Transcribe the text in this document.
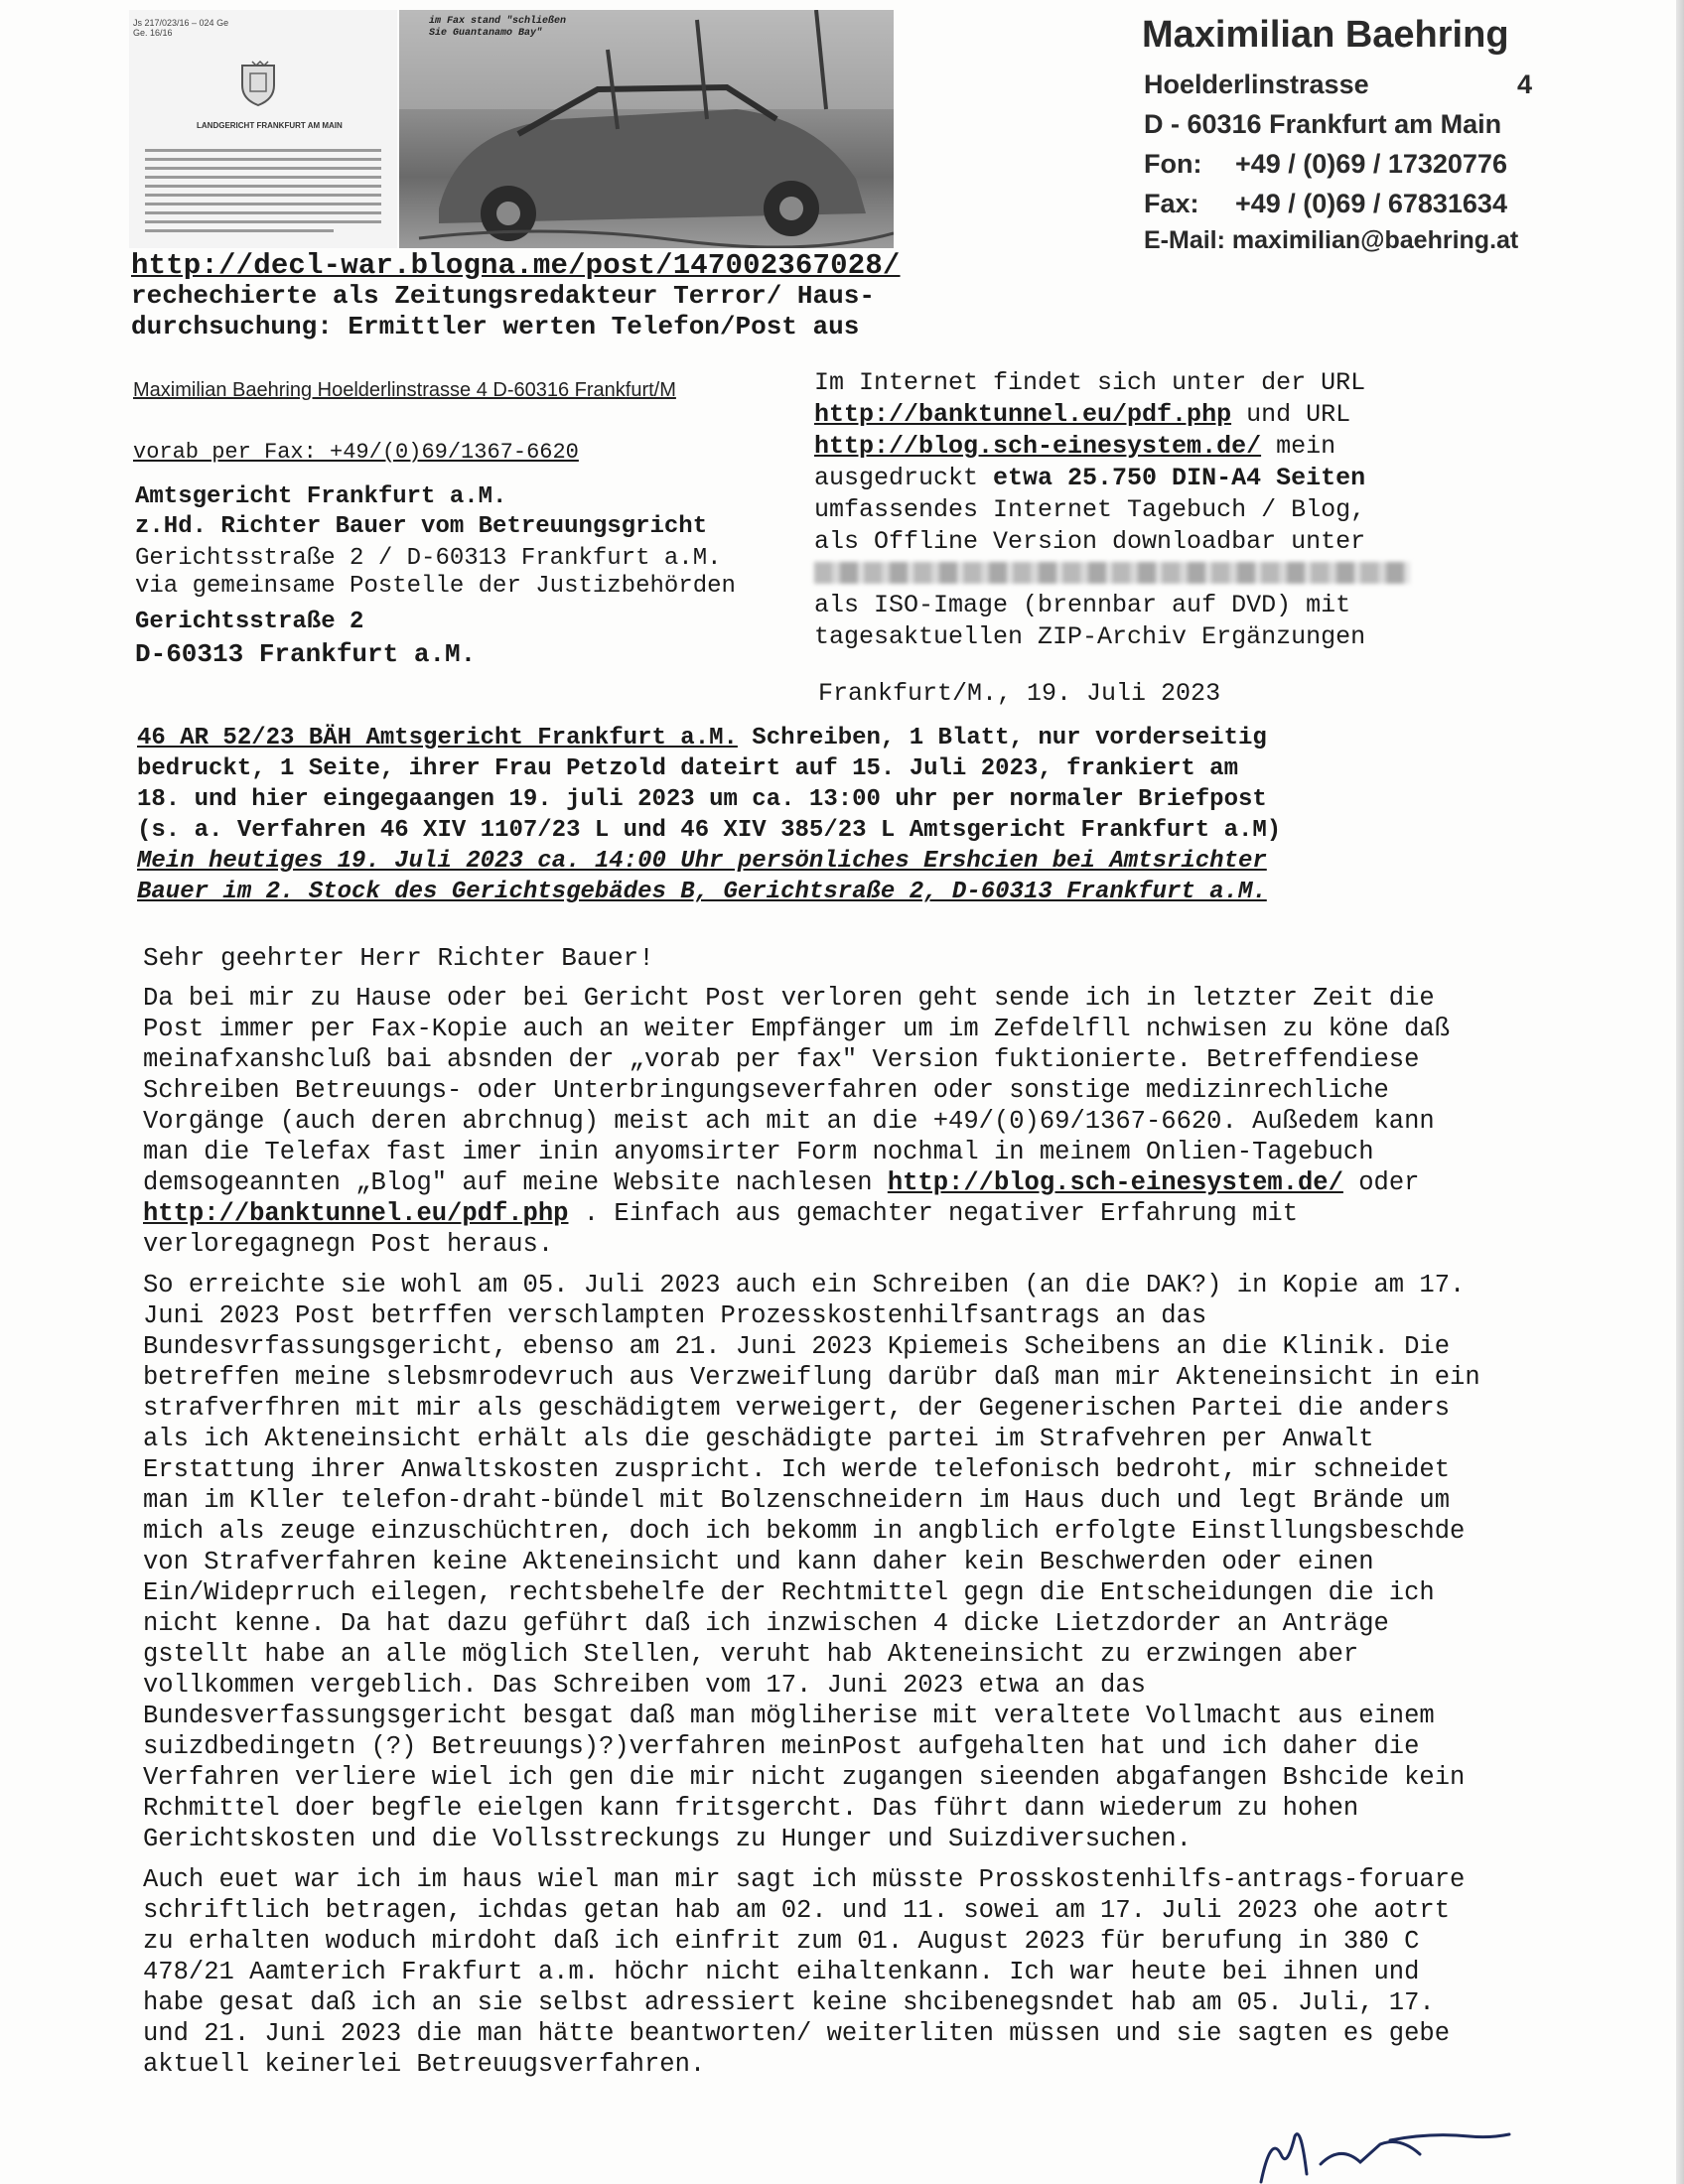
Js 217/023/16 – 024 Ge
Ge. 16/16
LANDGERICHT FRANKFURT AM MAIN
im Fax stand "schließen
Sie Guantanamo Bay"	Maximilian Baehring
Hoelderlinstrasse	4
D - 60316 Frankfurt am Main
Fon: +49 / (0)69 / 17320776
Fax: +49 / (0)69 / 67831634
E-Mail: maximilian@baehring.at
http://decl-war.blogna.me/post/147002367028/
rechechierte als Zeitungsredakteur Terror/ Haus-
durchsuchung: Ermittler werten Telefon/Post aus
Maximilian Baehring Hoelderlinstrasse 4 D-60316 Frankfurt/M
vorab per Fax: +49/(0)69/1367-6620
Amtsgericht Frankfurt a.M.
z.Hd. Richter Bauer vom Betreuungsgricht
Gerichtsstraße 2 / D-60313 Frankfurt a.M.
via gemeinsame Postelle der Justizbehörden
Gerichtsstraße 2
D-60313 Frankfurt a.M.
Im Internet findet sich unter der URL
http://banktunnel.eu/pdf.php und URL
http://blog.sch-einesystem.de/ mein
ausgedruckt etwa 25.750 DIN-A4 Seiten
umfassendes Internet Tagebuch / Blog,
als Offline Version downloadbar unter
als ISO-Image (brennbar auf DVD) mit
tagesaktuellen ZIP-Archiv Ergänzungen
Frankfurt/M., 19. Juli 2023
46 AR 52/23 BÄH Amtsgericht Frankfurt a.M. Schreiben, 1 Blatt, nur vorderseitig
bedruckt, 1 Seite, ihrer Frau Petzold dateirt auf 15. Juli 2023, frankiert am
18. und hier eingegaangen 19. juli 2023 um ca. 13:00 uhr per normaler Briefpost
(s. a. Verfahren 46 XIV 1107/23 L und 46 XIV 385/23 L Amtsgericht Frankfurt a.M)
Mein heutiges 19. Juli 2023 ca. 14:00 Uhr persönliches Ershcien bei Amtsrichter
Bauer im 2. Stock des Gerichtsgebädes B, Gerichtsraße 2, D-60313 Frankfurt a.M.
Sehr geehrter Herr Richter Bauer!

Da bei mir zu Hause oder bei Gericht Post verloren geht sende ich in letzter Zeit die Post immer per Fax-Kopie auch an weiter Empfänger um im Zefdelfll nchwisen zu köne daß meinafxanshcluß bai absnden der „vorab per fax" Version fuktionierte. Betreffendiese Schreiben Betreuungs- oder Unterbringungseverfahren oder sonstige medizinrechliche Vorgänge (auch deren abrchnug) meist ach mit an die +49/(0)69/1367-6620. Außedem kann man die Telefax fast imer inin anyomsirter Form nochmal in meinem Onlien-Tagebuch demsogeannten „Blog" auf meine Website nachlesen http://blog.sch-einesystem.de/ oder http://banktunnel.eu/pdf.php . Einfach aus gemachter negativer Erfahrung mit verloregagnegn Post heraus.

So erreichte sie wohl am 05. Juli 2023 auch ein Schreiben (an die DAK?) in Kopie am 17. Juni 2023 Post betrffen verschlampten Prozesskostenhilfsantrags an das Bundesvrfassungsgericht, ebenso am 21. Juni 2023 Kpiemeis Scheibens an die Klinik. Die betreffen meine slebsmrodevruch aus Verzweiflung darübr daß man mir Akteneinsicht in ein strafverfhren mit mir als geschädigtem verweigert, der Gegenerischen Partei die anders als ich Akteneinsicht erhält als die geschädigte partei im Strafvehren per Anwalt Erstattung ihrer Anwaltskosten zuspricht. Ich werde telefonisch bedroht, mir schneidet man im Kller telefon-draht-bündel mit Bolzenschneidern im Haus duch und legt Brände um mich als zeuge einzuschüchtren, doch ich bekomm in angblich erfolgte Einstllungsbeschde von Strafverfahren keine Akteneinsicht und kann daher kein Beschwerden oder einen Ein/Wideprruch eilegen, rechtsbehelfe der Rechtmittel gegn die Entscheidungen die ich nicht kenne. Da hat dazu geführt daß ich inzwischen 4 dicke Lietzdorder an Anträge gstellt habe an alle möglich Stellen, veruht hab Akteneinsicht zu erzwingen aber vollkommen vergeblich. Das Schreiben vom 17. Juni 2023 etwa an das Bundesverfassungsgericht besgat daß man mögliherise mit veraltete Vollmacht aus einem suizdbedingetn (?) Betreuungs)?)verfahren meinPost aufgehalten hat und ich daher die Verfahren verliere wiel ich gen die mir nicht zugangen sieenden abgafangen Bshcide kein Rchmittel doer begfle eielgen kann fritsgercht. Das führt dann wiederum zu hohen Gerichtskosten und die Vollsstreckungs zu Hunger und Suizdiversuchen.

Auch euet war ich im haus wiel man mir sagt ich müsste Prosskostenhilfs-antrags-foruare schriftlich betragen, ichdas getan hab am 02. und 11. sowei am 17. Juli 2023 ohe aotrt zu erhalten woduch mirdoht daß ich einfrit zum 01. August 2023 für berufung in 380 C 478/21 Aamterich Frakfurt a.m. höchr nicht eihaltenkann. Ich war heute bei ihnen und habe gesat daß ich an sie selbst adressiert keine shcibenegsndet hab am 05. Juli, 17. und 21. Juni 2023 die man hätte beantworten/ weiterliten müssen und sie sagten es gebe aktuell keinerlei Betreuugsverfahren.
